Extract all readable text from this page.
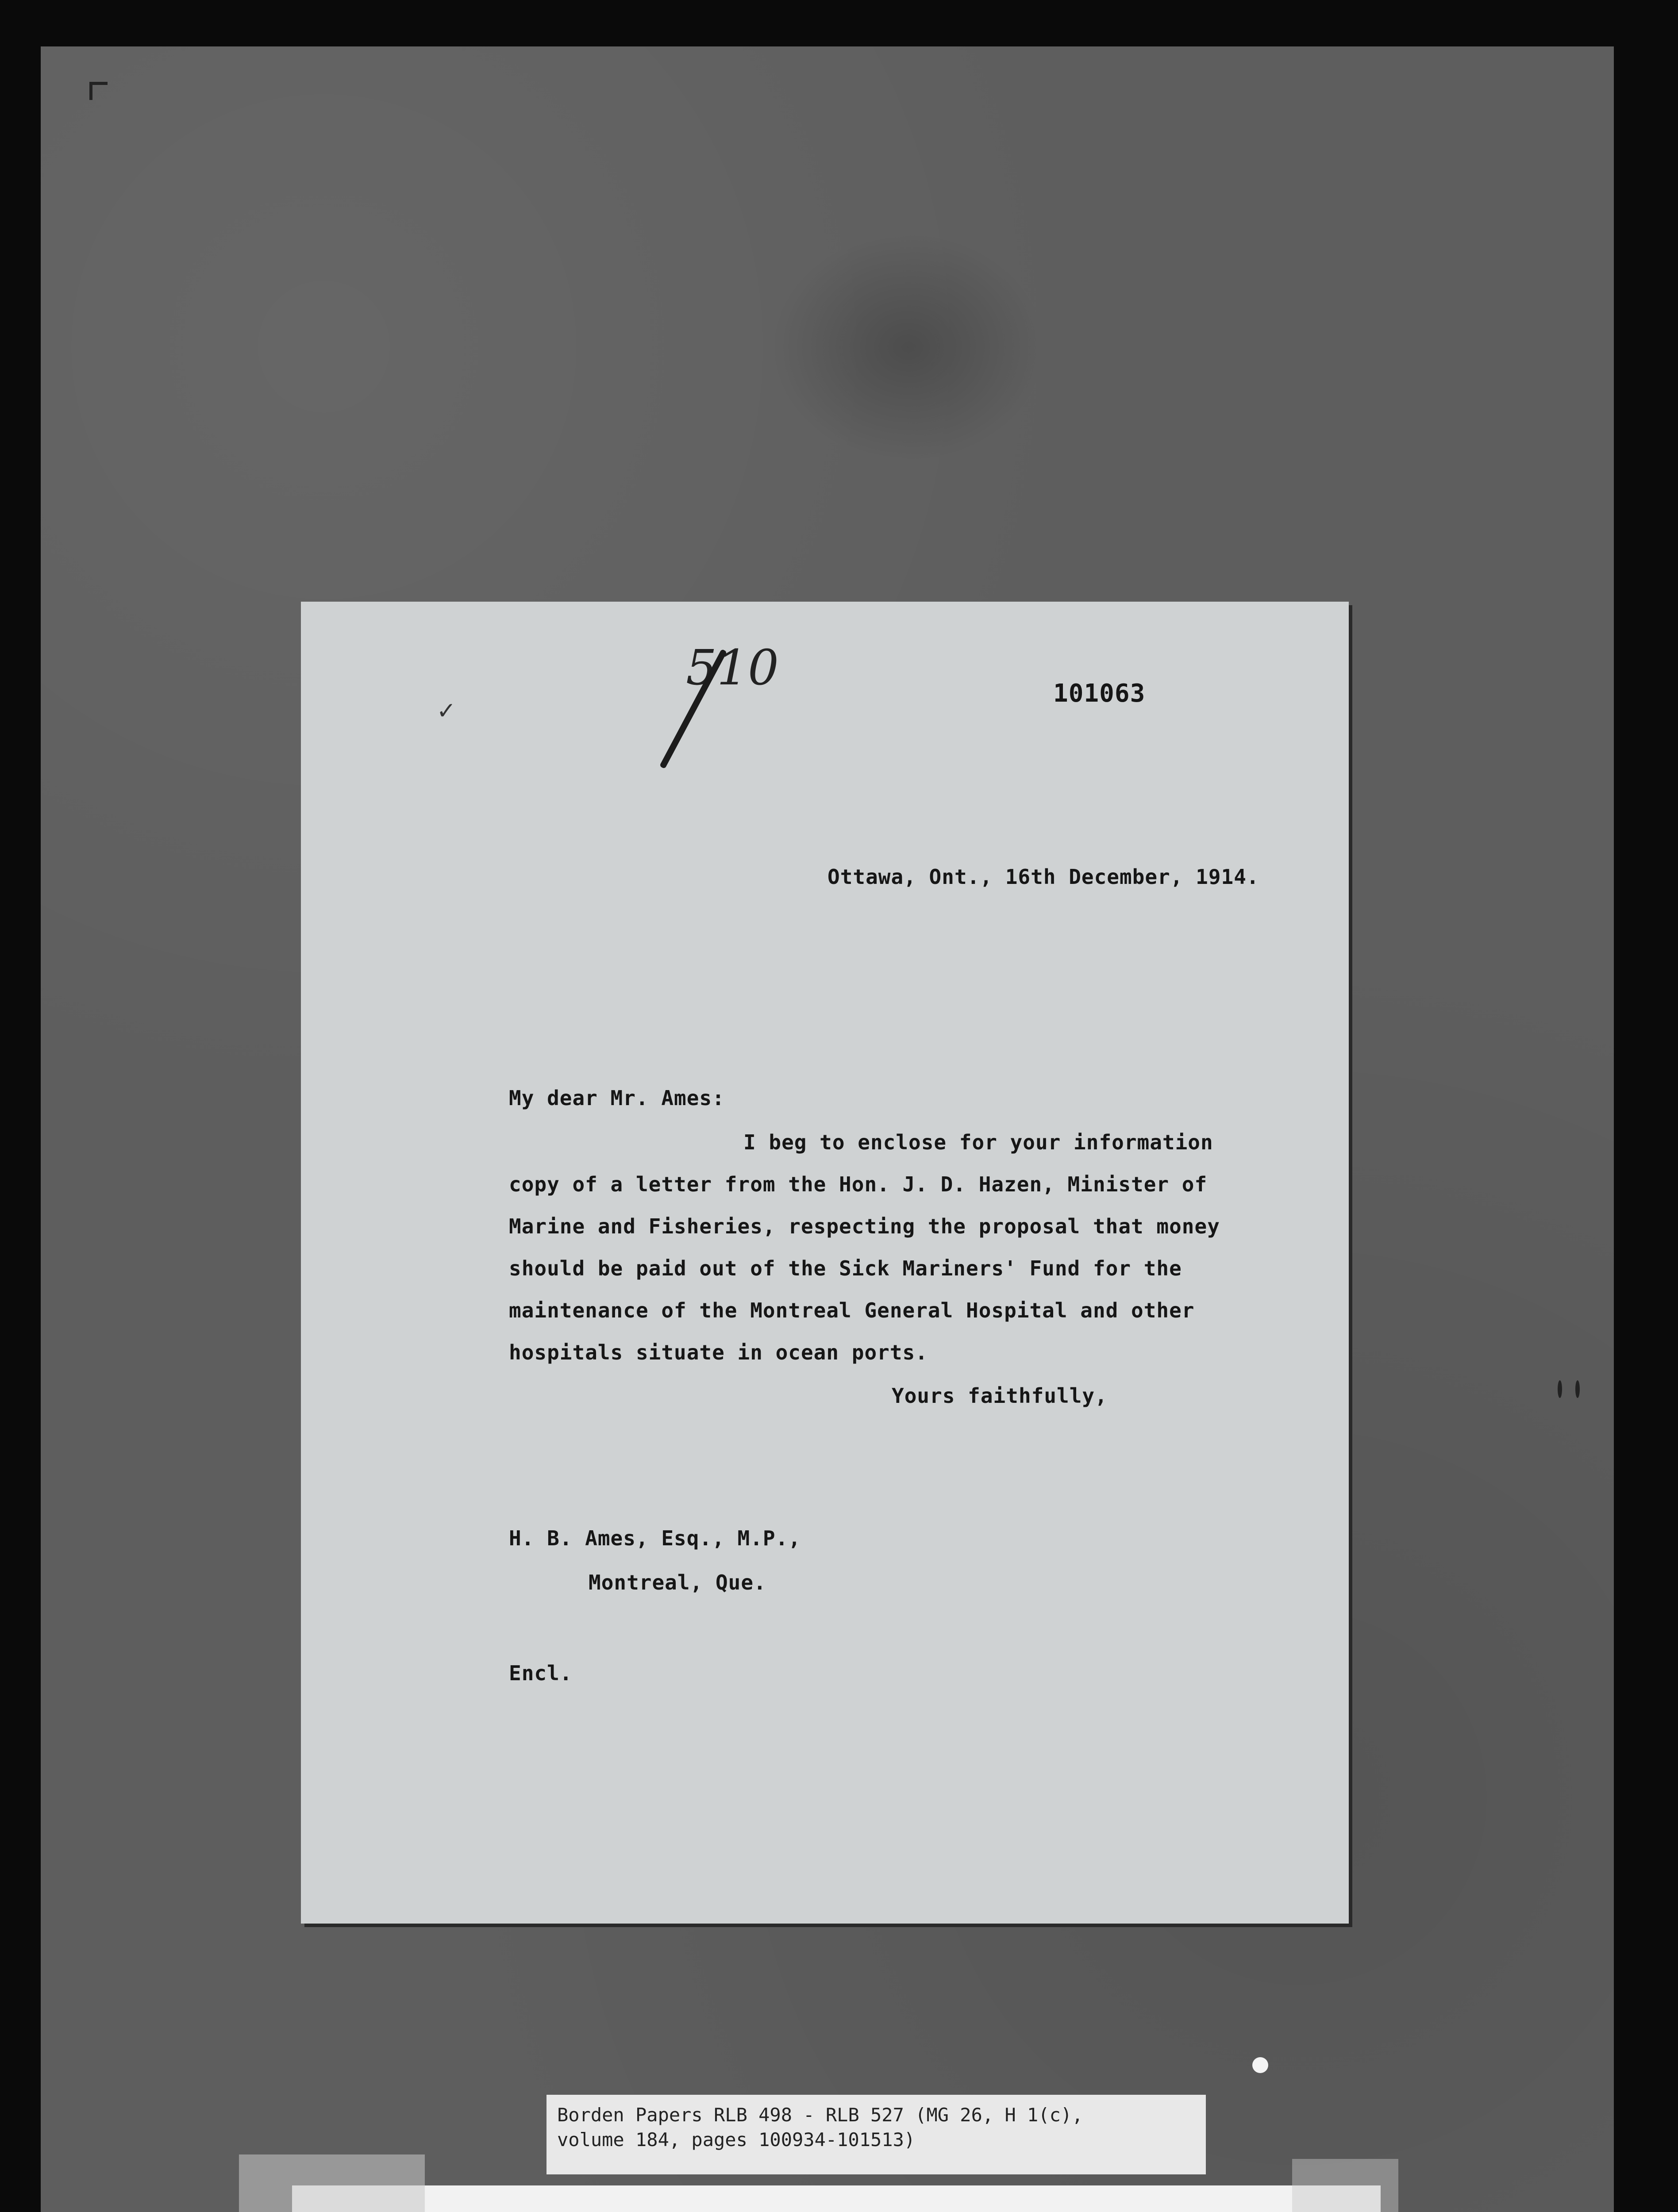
510
✓
101063
Ottawa, Ont., 16th December, 1914.
My dear Mr. Ames:
I beg to enclose for your information
copy of a letter from the Hon. J. D. Hazen, Minister of
Marine and Fisheries, respecting the proposal that money
should be paid out of the Sick Mariners' Fund for the
maintenance of the Montreal General Hospital and other
hospitals situate in ocean ports.
Yours faithfully,
H. B. Ames, Esq., M.P.,
Montreal, Que.
Encl.
Borden Papers RLB 498 - RLB 527 (MG 26, H 1(c),
volume 184, pages 100934-101513)
